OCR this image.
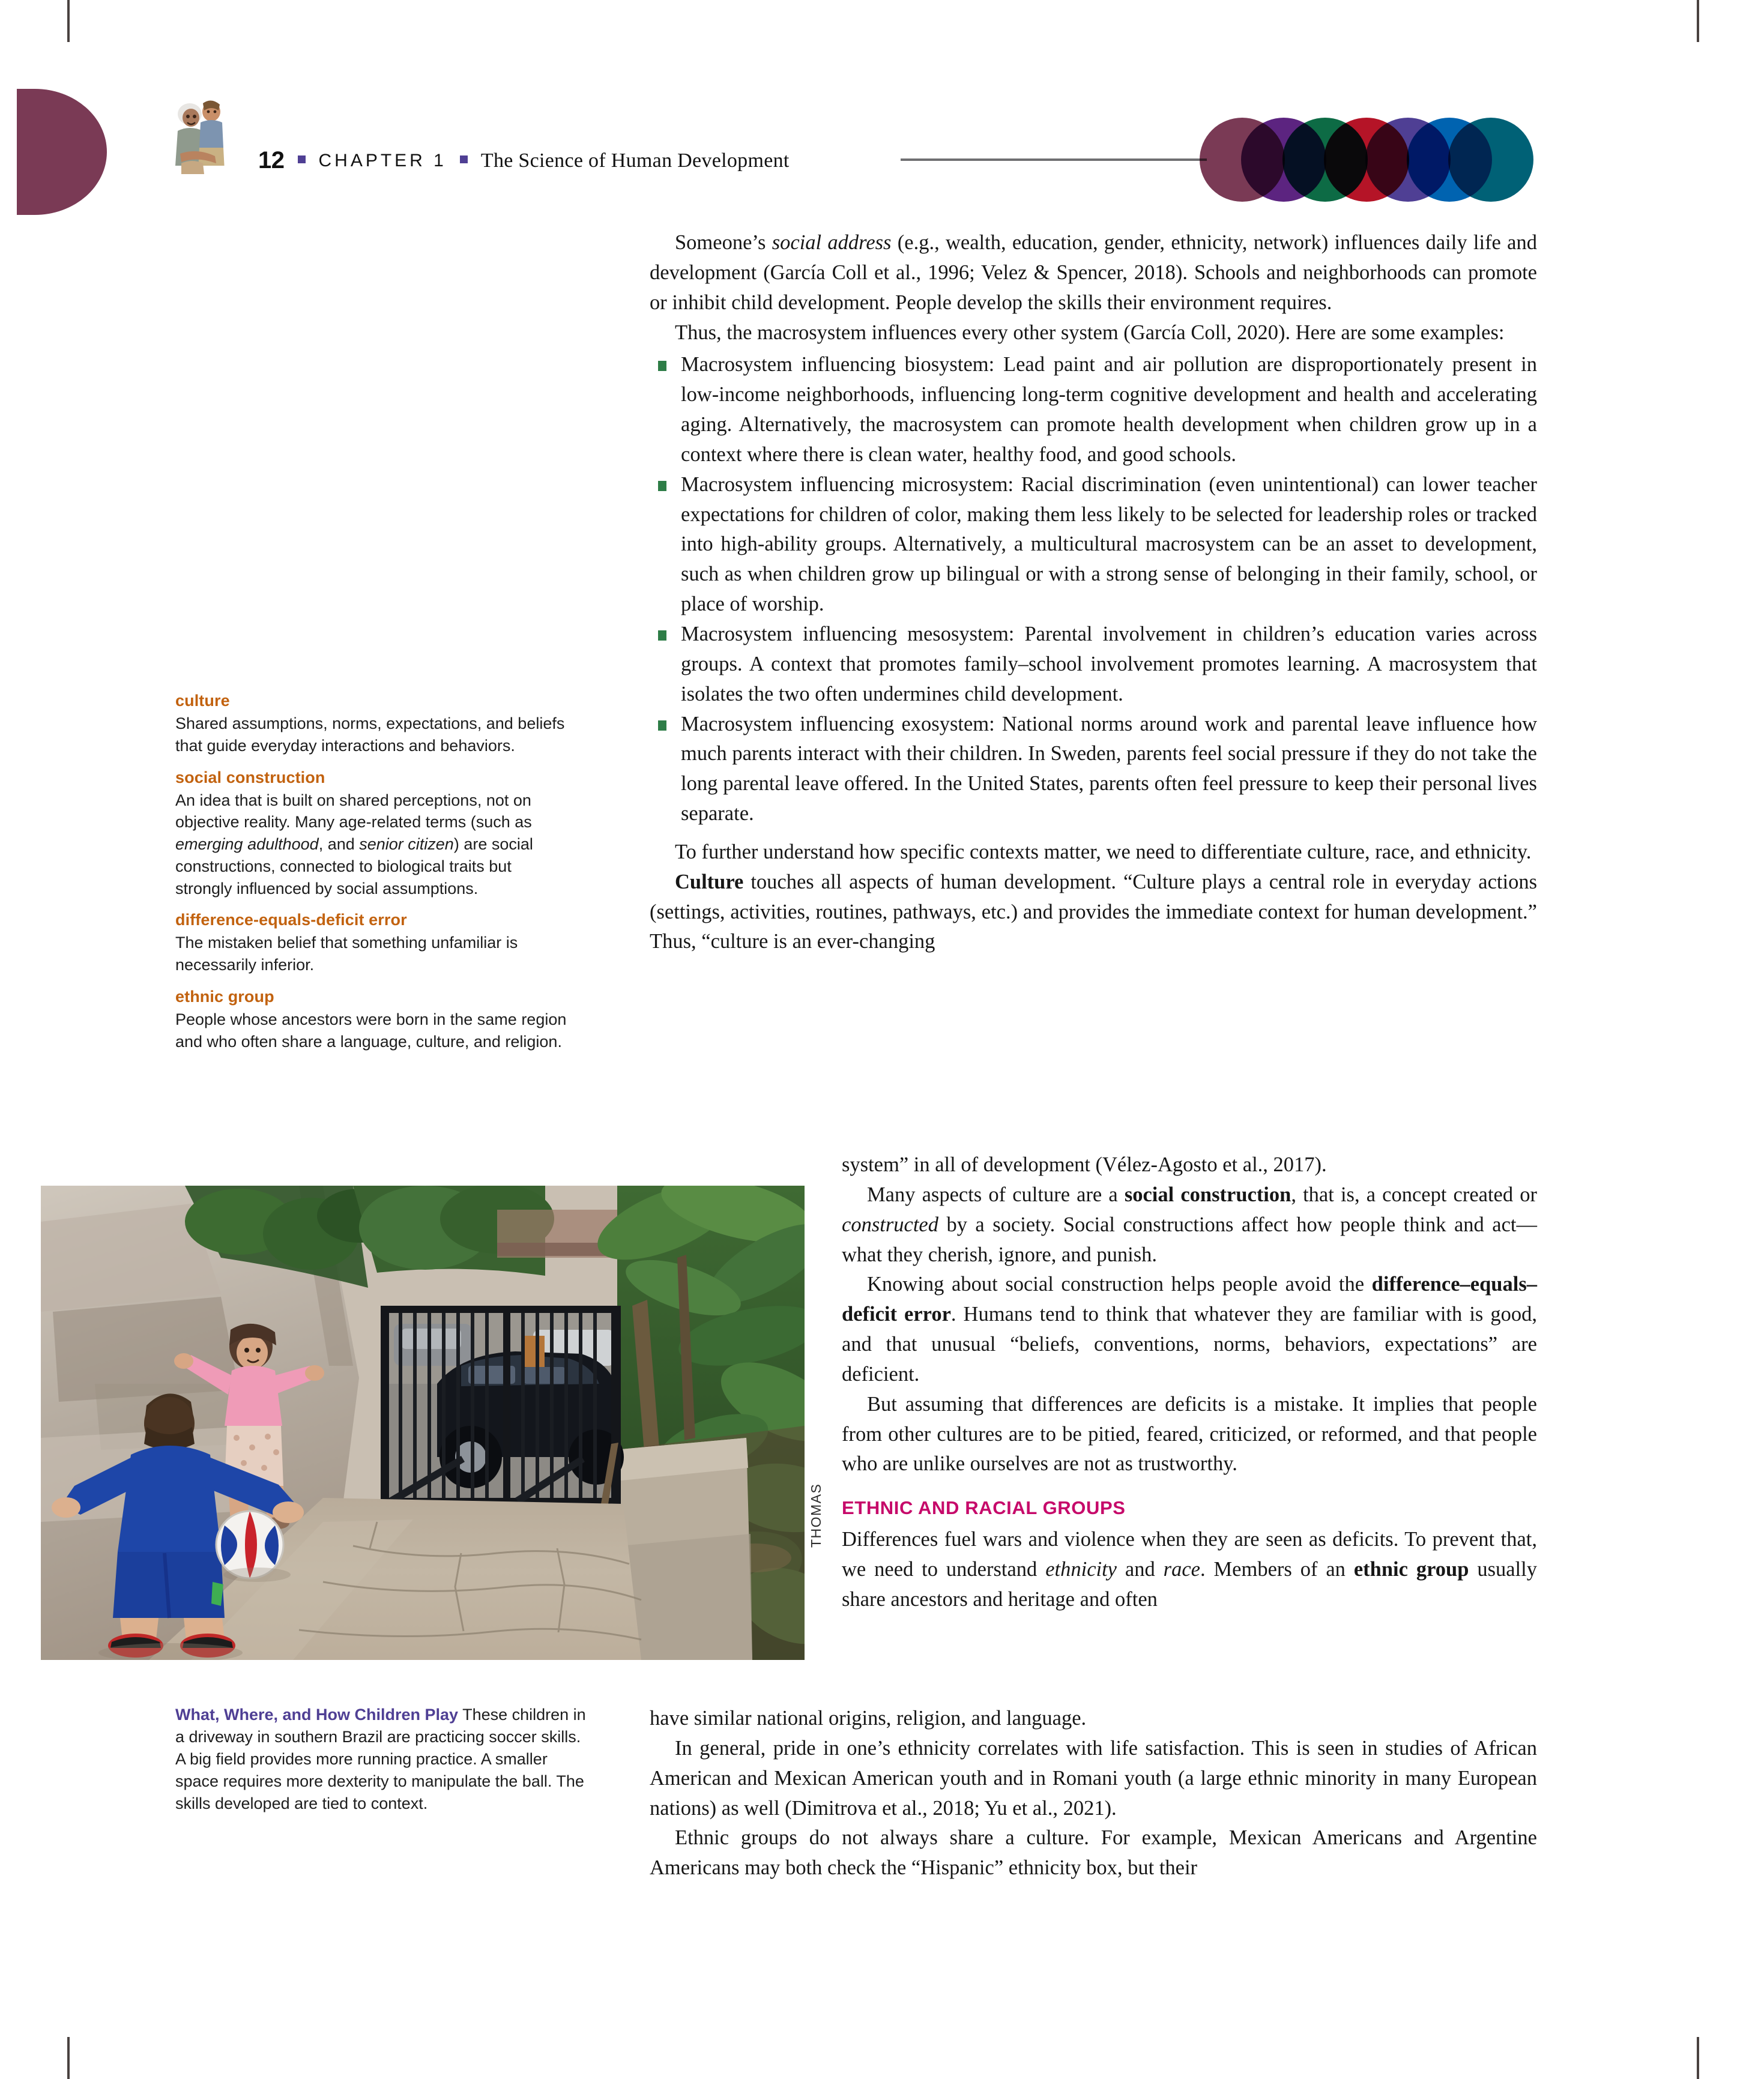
12 CHAPTER 1 The Science of Human Development

culture

Shared assumptions, norms, expectations, and beliefs that guide everyday interactions and behaviors.

social construction

An idea that is built on shared perceptions, not on objective reality. Many age-related terms (such as emerging adulthood, and senior citizen) are social constructions, connected to biological traits but strongly influenced by social assumptions.

difference-equals-deficit error

The mistaken belief that something unfamiliar is necessarily inferior.

ethnic group

People whose ancestors were born in the same region and who often share a language, culture, and religion.

THOMAS
What, Where, and How Children Play These children in a driveway in southern Brazil are practicing soccer skills. A big field provides more running practice. A smaller space requires more dexterity to manipulate the ball. The skills developed are tied to context.

Someone’s social address (e.g., wealth, education, gender, ethnicity, network) influences daily life and development (García Coll et al., 1996; Velez & Spencer, 2018). Schools and neighborhoods can promote or inhibit child development. People develop the skills their environment requires.

Thus, the macrosystem influences every other system (García Coll, 2020). Here are some examples:

Macrosystem influencing biosystem: Lead paint and air pollution are disproportionately present in low-income neighborhoods, influencing long-term cognitive development and health and accelerating aging. Alternatively, the macrosystem can promote health development when children grow up in a context where there is clean water, healthy food, and good schools.
Macrosystem influencing microsystem: Racial discrimination (even unintentional) can lower teacher expectations for children of color, making them less likely to be selected for leadership roles or tracked into high-ability groups. Alternatively, a multicultural macrosystem can be an asset to development, such as when children grow up bilingual or with a strong sense of belonging in their family, school, or place of worship.
Macrosystem influencing mesosystem: Parental involvement in children’s education varies across groups. A context that promotes family–school involvement promotes learning. A macrosystem that isolates the two often undermines child development.
Macrosystem influencing exosystem: National norms around work and parental leave influence how much parents interact with their children. In Sweden, parents feel social pressure if they do not take the long parental leave offered. In the United States, parents often feel pressure to keep their personal lives separate.

To further understand how specific contexts matter, we need to differentiate culture, race, and ethnicity.

Culture touches all aspects of human development. “Culture plays a central role in everyday actions (settings, activities, routines, pathways, etc.) and provides the immediate context for human development.” Thus, “culture is an ever-changing

system” in all of development (Vélez-Agosto et al., 2017).

Many aspects of culture are a social construction, that is, a concept created or constructed by a society. Social constructions affect how people think and act—what they cherish, ignore, and punish.

Knowing about social construction helps people avoid the difference–equals–deficit error. Humans tend to think that whatever they are familiar with is good, and that unusual “beliefs, conventions, norms, behaviors, expectations” are deficient.

But assuming that differences are deficits is a mistake. It implies that people from other cultures are to be pitied, feared, criticized, or reformed, and that people who are unlike ourselves are not as trustworthy.

ETHNIC AND RACIAL GROUPS

Differences fuel wars and violence when they are seen as deficits. To prevent that, we need to understand ethnicity and race. Members of an ethnic group usually share ancestors and heritage and often

have similar national origins, religion, and language.

In general, pride in one’s ethnicity correlates with life satisfaction. This is seen in studies of African American and Mexican American youth and in Romani youth (a large ethnic minority in many European nations) as well (Dimitrova et al., 2018; Yu et al., 2021).

Ethnic groups do not always share a culture. For example, Mexican Americans and Argentine Americans may both check the “Hispanic” ethnicity box, but their
